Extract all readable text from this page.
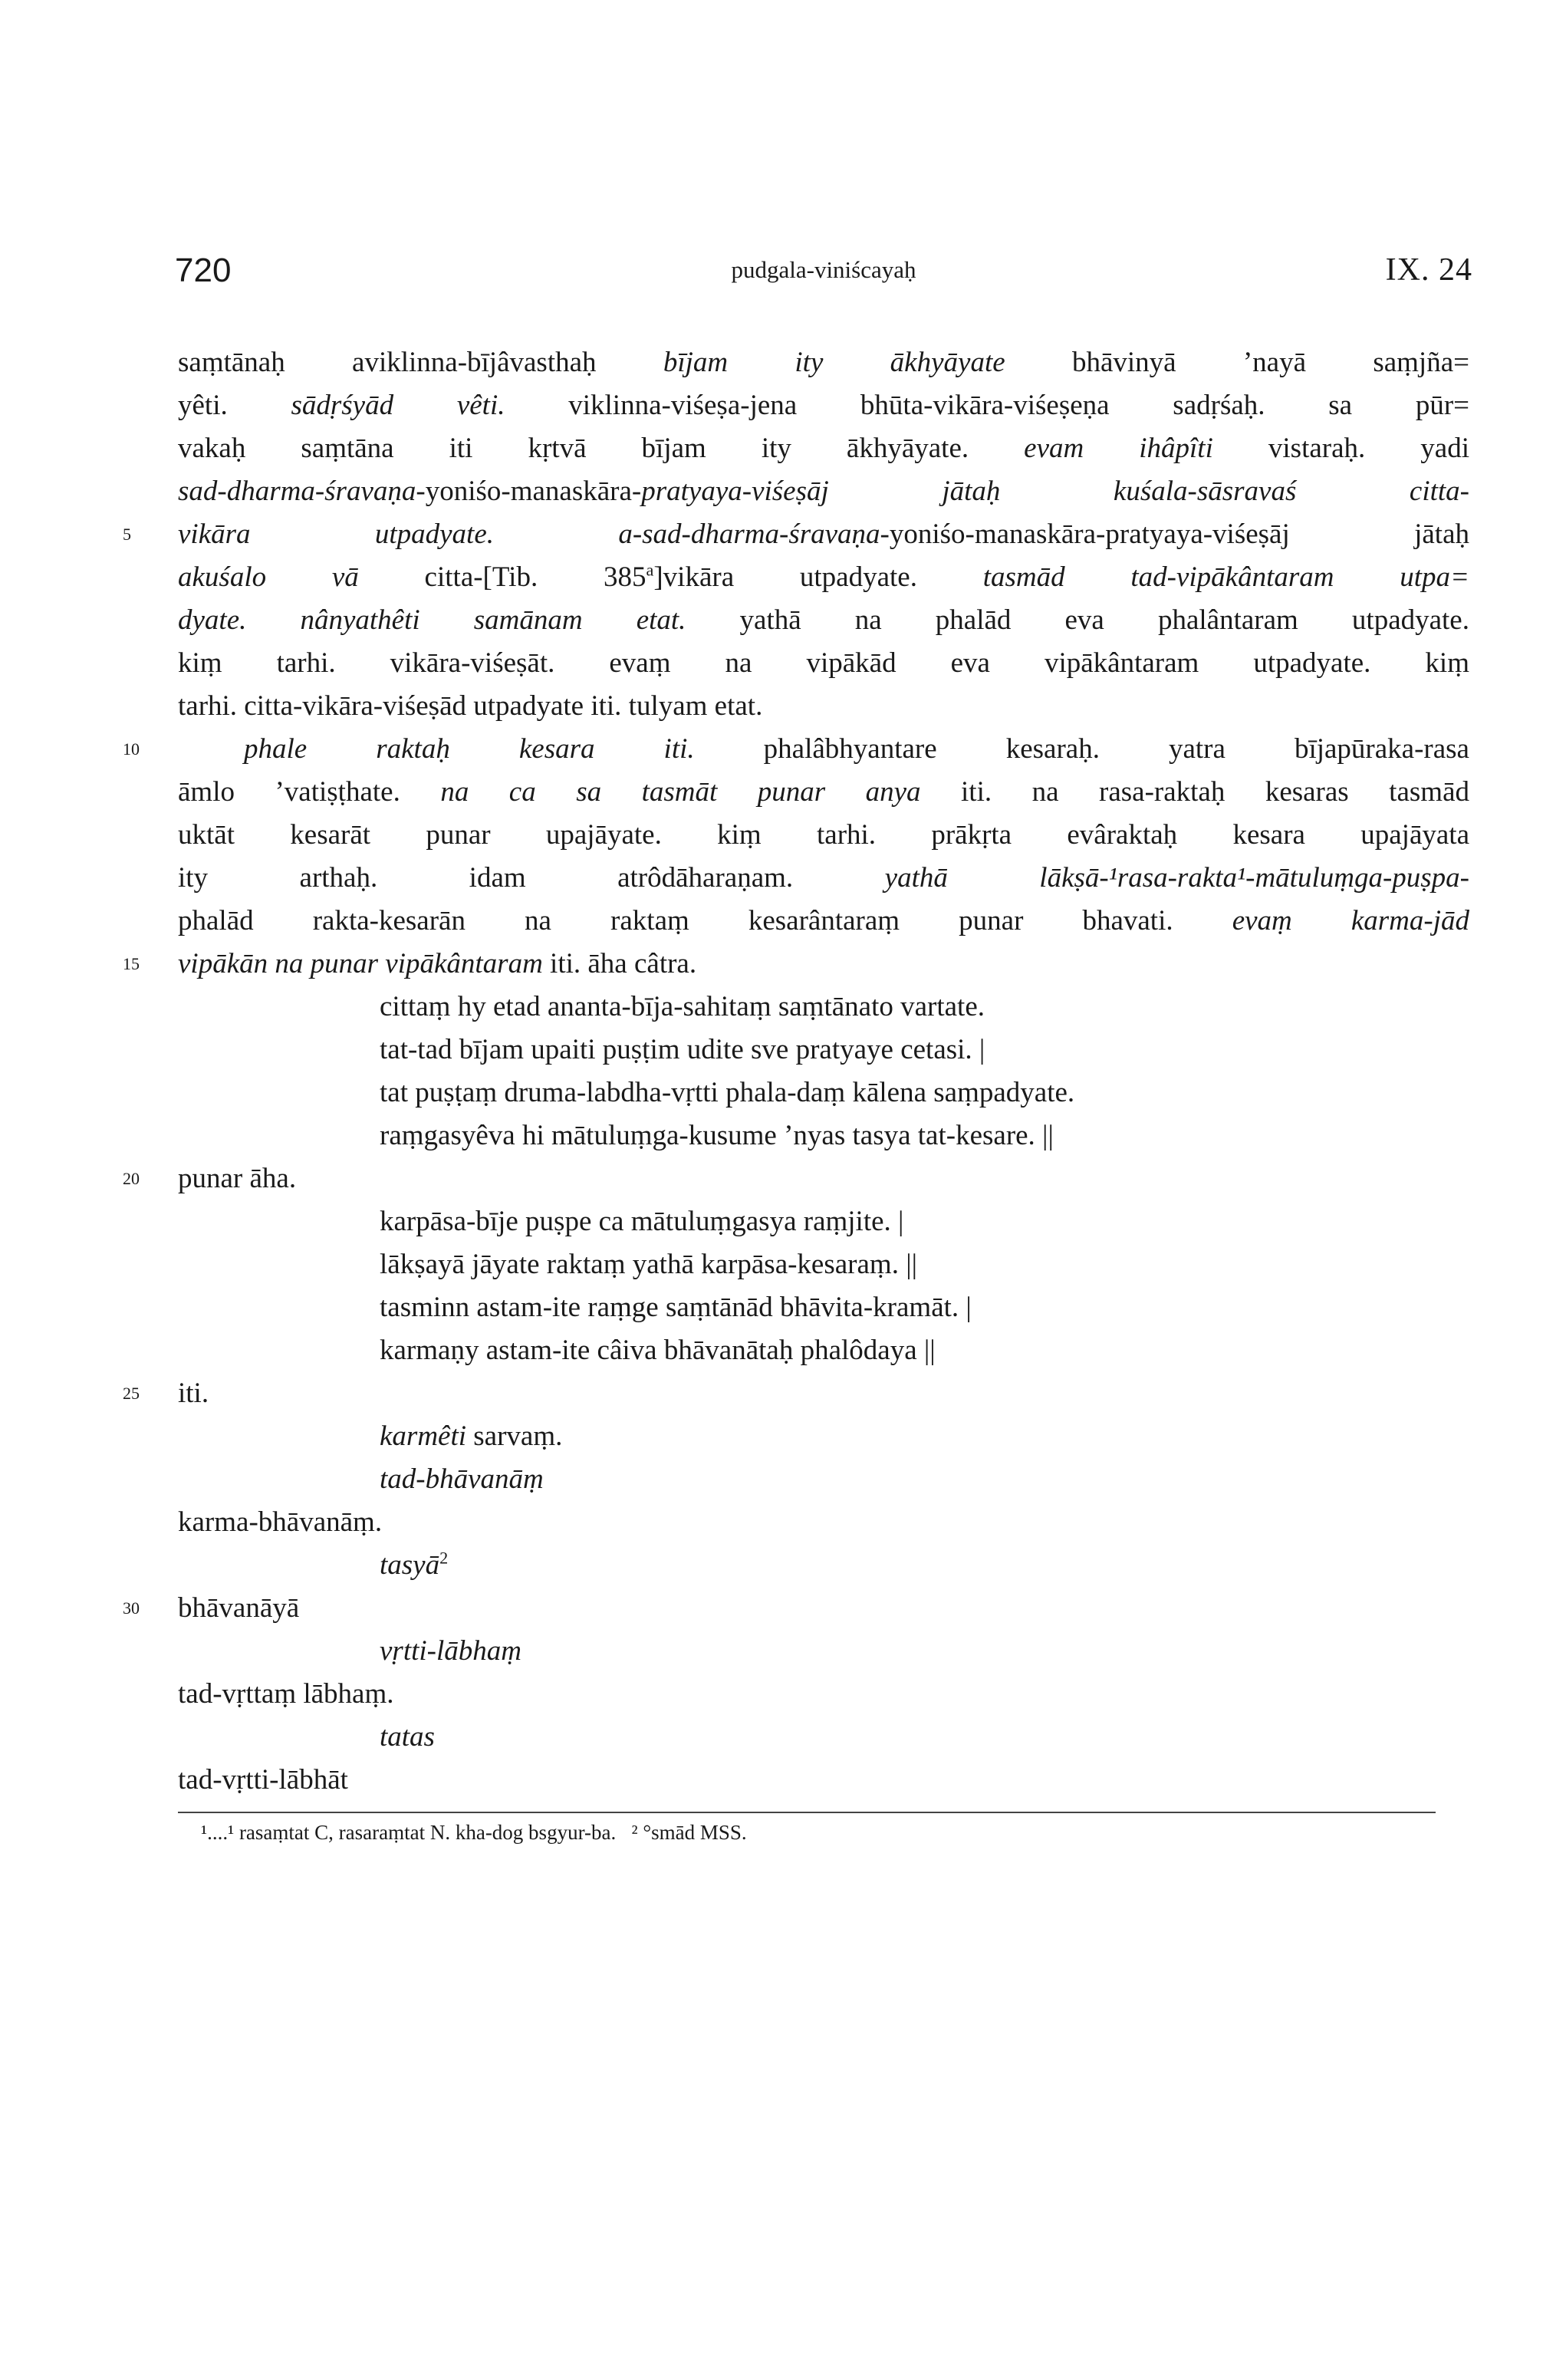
720	pudgala-viniścayaḥ	IX. 24
saṃtānaḥ aviklinna-bījâvasthaḥ bījam ity ākhyāyate bhāvinyā ’nayā saṃjña=
yêti. sādṛśyād vêti. viklinna-viśeṣa-jena bhūta-vikāra-viśeṣeṇa sadṛśaḥ. sa pūr=
vakaḥ saṃtāna iti kṛtvā bījam ity ākhyāyate. evam ihâpîti vistaraḥ. yadi
sad-dharma-śravaṇa-yoniśo-manaskāra-pratyaya-viśeṣāj jātaḥ kuśala-sāsravaś citta-
vikāra utpadyate. a-sad-dharma-śravaṇa-yoniśo-manaskāra-pratyaya-viśeṣāj jātaḥ
akuśalo vā citta-[Tib. 385$^a$]vikāra utpadyate. tasmād tad-vipākântaram utpa=
dyate. nânyathêti samānam etat. yathā na phalād eva phalântaram utpadyate.
kiṃ tarhi. vikāra-viśeṣāt. evaṃ na vipākād eva vipākântaram utpadyate. kiṃ
tarhi. citta-vikāra-viśeṣād utpadyate iti. tulyam etat.
phale raktaḥ kesara iti. phalâbhyantare kesaraḥ. yatra bījapūraka-rasa
āmlo ’vatiṣṭhate. na ca sa tasmāt punar anya iti. na rasa-raktaḥ kesaras tasmād
uktāt kesarāt punar upajāyate. kiṃ tarhi. prākṛta evâraktaḥ kesara upajāyata
ity arthaḥ. idam atrôdāharaṇam. yathā lākṣā-¹rasa-rakta¹-mātuluṃga-puṣpa-
phalād rakta-kesarān na raktaṃ kesarântaraṃ punar bhavati. evaṃ karma-jād
vipākān na punar vipākântaram iti. āha câtra.
cittaṃ hy etad ananta-bīja-sahitaṃ saṃtānato vartate.
tat-tad bījam upaiti puṣṭim udite sve pratyaye cetasi. |
tat puṣṭaṃ druma-labdha-vṛtti phala-daṃ kālena saṃpadyate.
raṃgasyêva hi mātuluṃga-kusume ’nyas tasya tat-kesare. ||
punar āha.
karpāsa-bīje puṣpe ca mātuluṃgasya raṃjite. |
lākṣayā jāyate raktaṃ yathā karpāsa-kesaraṃ. ||
tasminn astam-ite raṃge saṃtānād bhāvita-kramāt. |
karmaṇy astam-ite câiva bhāvanātaḥ phalôdaya ||
iti.
karmêti sarvaṃ.
tad-bhāvanāṃ
karma-bhāvanāṃ.
tasyā$^2$
bhāvanāyā
vṛtti-lābhaṃ
tad-vṛttaṃ lābhaṃ.
tatas
tad-vṛtti-lābhāt
5
10
15
20
25
30
¹....¹ rasaṃtat C, rasaraṃtat N. kha-dog bsgyur-ba.   ² °smād MSS.
